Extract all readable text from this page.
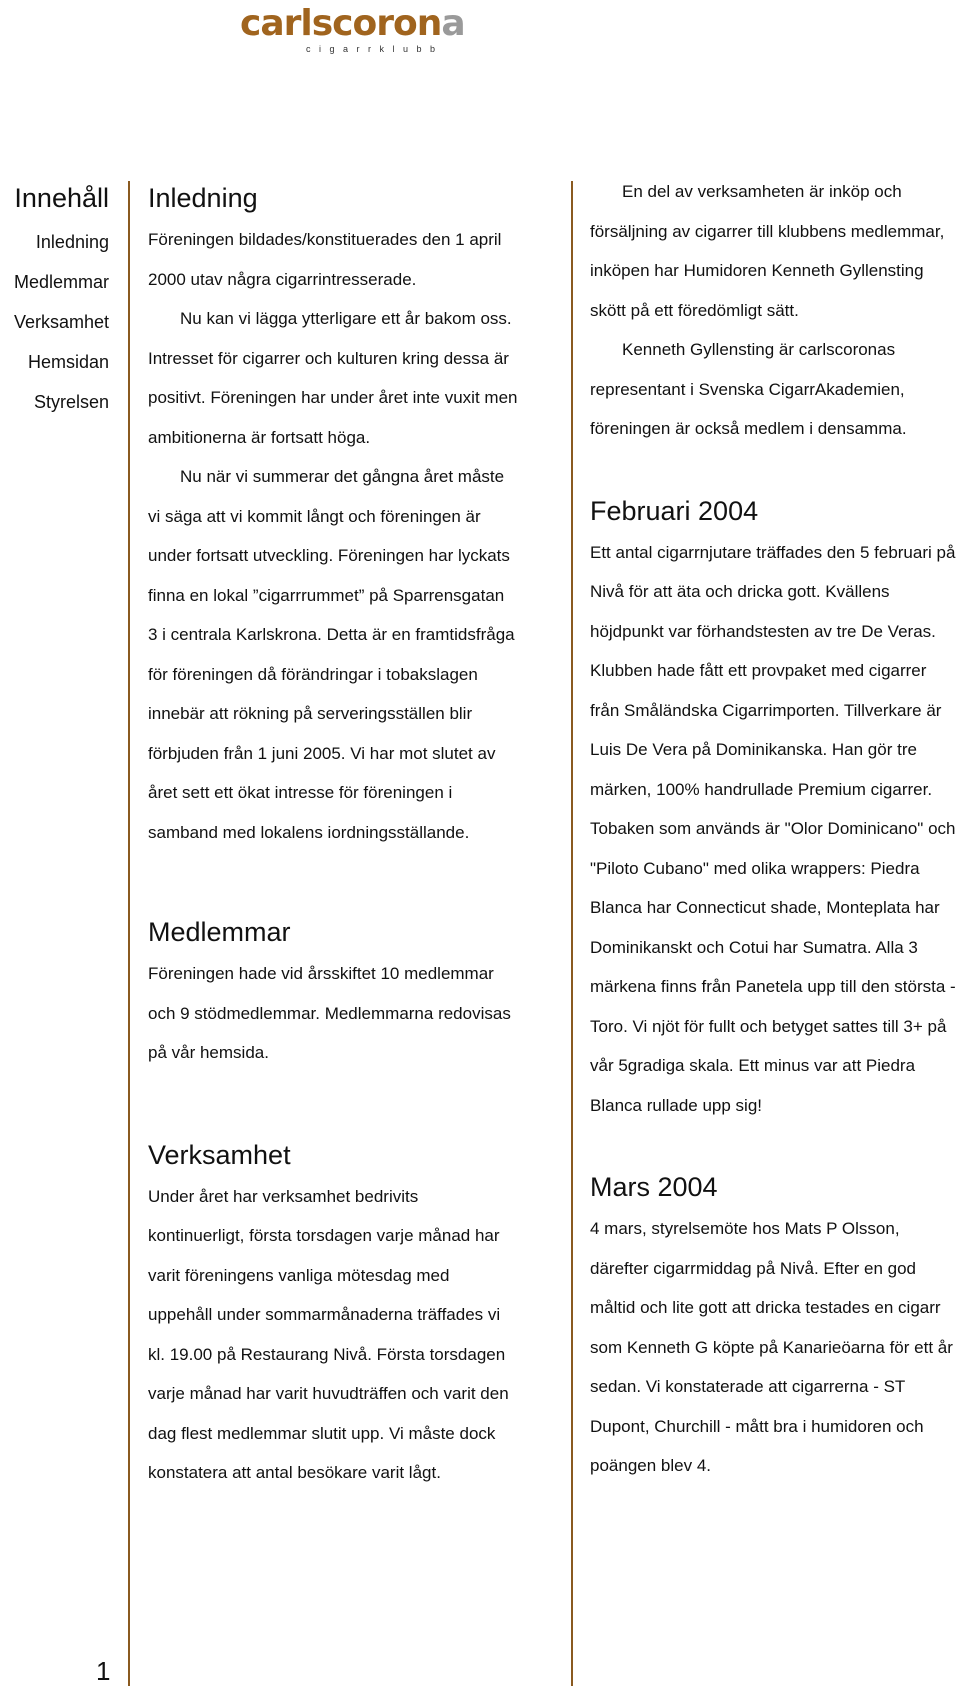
carlscorona
cigarrklubb
Innehåll
Inledning
Medlemmar
Verksamhet
Hemsidan
Styrelsen
1
Inledning

Föreningen bildades/konstituerades den 1 april 2000 utav några cigarrintresserade.

Nu kan vi lägga ytterligare ett år bakom oss. Intresset för cigarrer och kulturen kring dessa är positivt. Föreningen har under året inte vuxit men ambitionerna är fortsatt höga.

Nu när vi summerar det gångna året måste vi säga att vi kommit långt och föreningen är under fortsatt utveckling. Föreningen har lyckats finna en lokal ”cigarrrummet” på Sparrensgatan 3 i centrala Karlskrona. Detta är en framtidsfråga för föreningen då förändringar i tobakslagen innebär att rökning på serveringsställen blir förbjuden från 1 juni 2005. Vi har mot slutet av året sett ett ökat intresse för föreningen i samband med lokalens iordningsställande.

Medlemmar

Föreningen hade vid årsskiftet 10 medlemmar och 9 stödmedlemmar. Medlemmarna redovisas på vår hemsida.

Verksamhet

Under året har verksamhet bedrivits kontinuerligt, första torsdagen varje månad har varit föreningens vanliga mötesdag med uppehåll under sommarmånaderna träffades vi kl. 19.00 på Restaurang Nivå. Första torsdagen varje månad har varit huvudträffen och varit den dag flest medlemmar slutit upp. Vi måste dock konstatera att antal besökare varit lågt.

En del av verksamheten är inköp och försäljning av cigarrer till klubbens medlemmar, inköpen har Humidoren Kenneth Gyllensting skött på ett föredömligt sätt.

Kenneth Gyllensting är carlscoronas representant i Svenska CigarrAkademien, föreningen är också medlem i densamma.

Februari 2004

Ett antal cigarrnjutare träffades den 5 februari på Nivå för att äta och dricka gott. Kvällens höjdpunkt var förhandstesten av tre De Veras. Klubben hade fått ett provpaket med cigarrer från Småländska Cigarrimporten. Tillverkare är Luis De Vera på Dominikanska. Han gör tre märken, 100% handrullade Premium cigarrer. Tobaken som används är "Olor Dominicano" och "Piloto Cubano" med olika wrappers: Piedra Blanca har Connecticut shade, Monteplata har Dominikanskt och Cotui har Sumatra. Alla 3 märkena finns från Panetela upp till den största - Toro. Vi njöt för fullt och betyget sattes till 3+ på vår 5gradiga skala. Ett minus var att Piedra Blanca rullade upp sig!

Mars 2004

4 mars, styrelsemöte hos Mats P Olsson, därefter cigarrmiddag på Nivå. Efter en god måltid och lite gott att dricka testades en cigarr som Kenneth G köpte på Kanarieöarna för ett år sedan. Vi konstaterade att cigarrerna - ST Dupont, Churchill - mått bra i humidoren och poängen blev 4.
